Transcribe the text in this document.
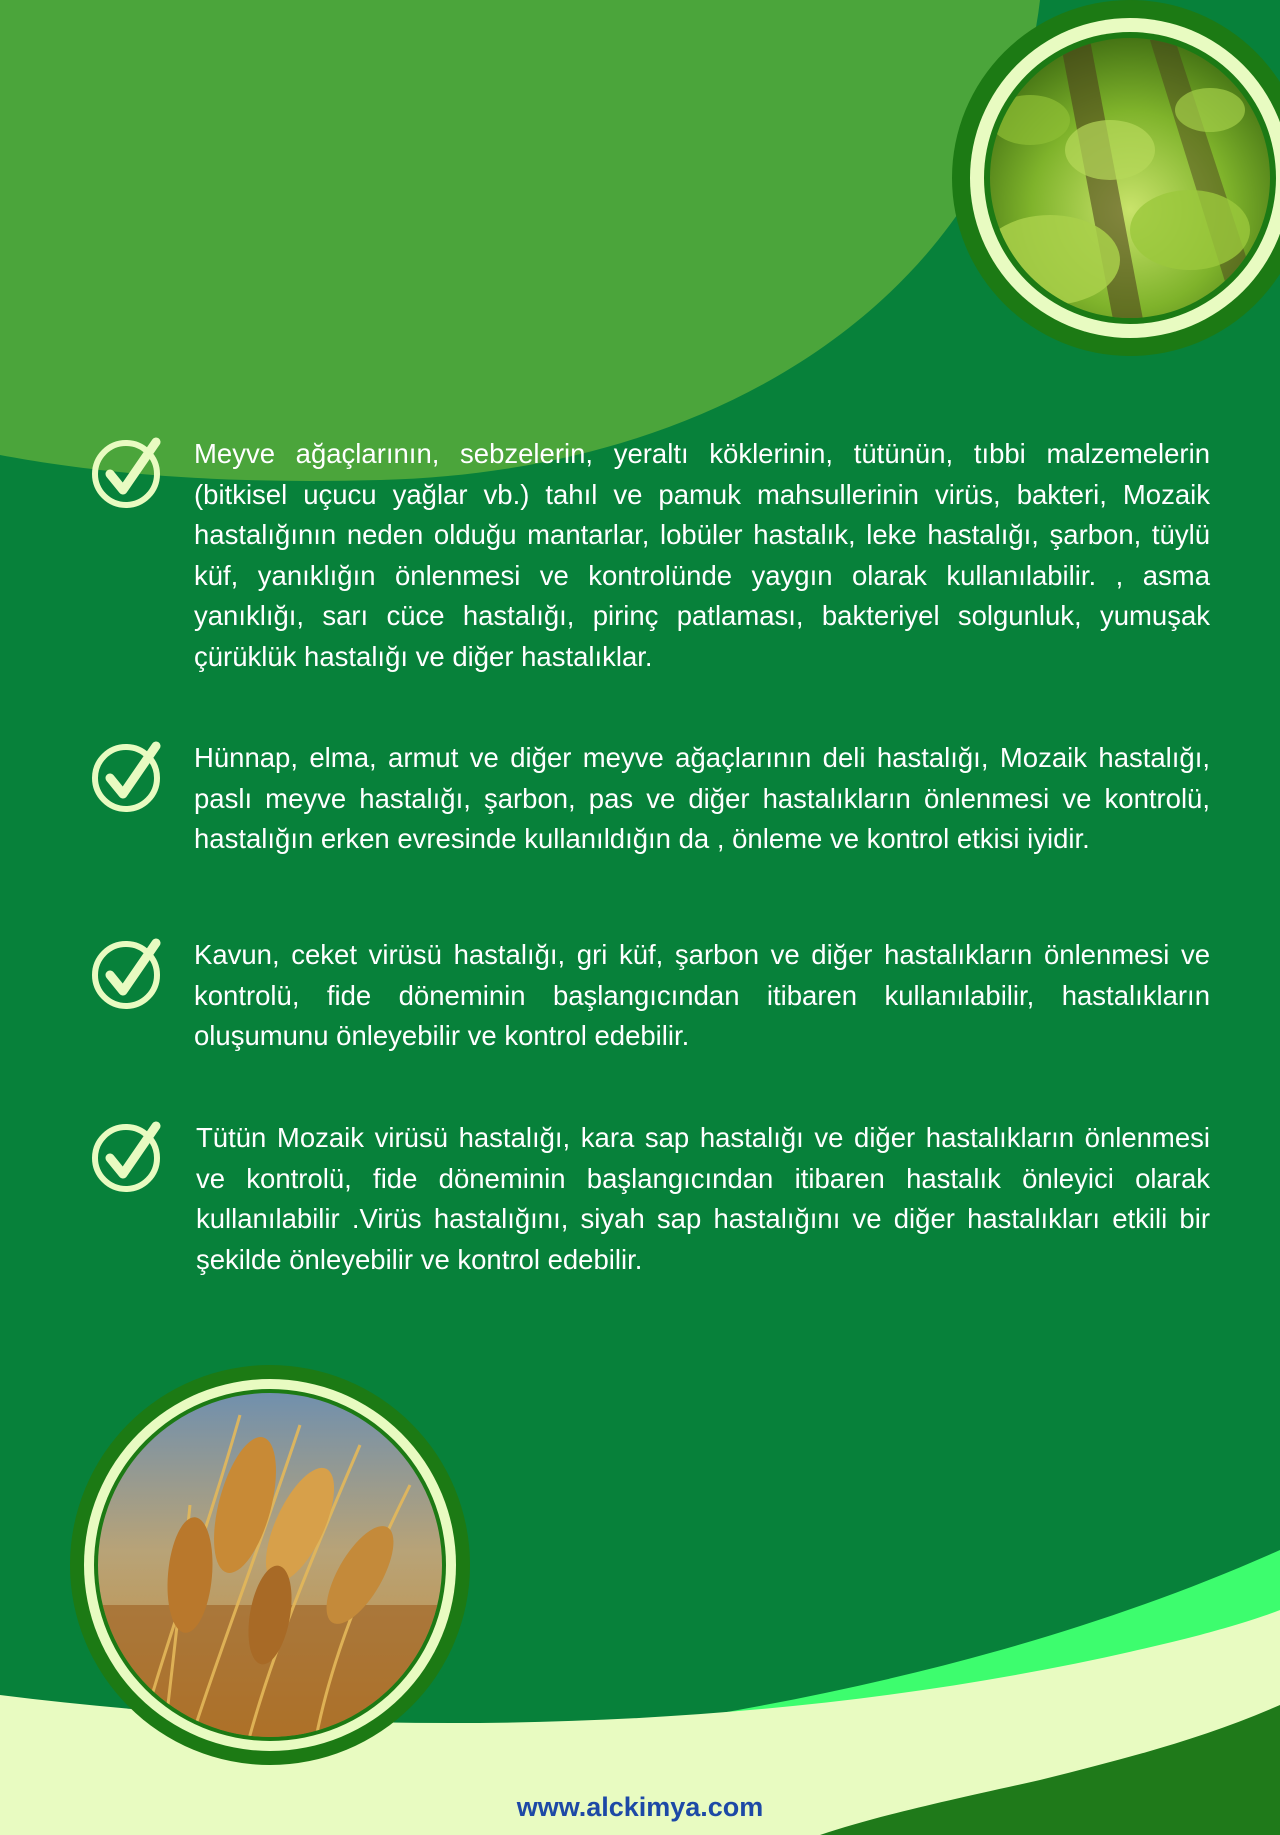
Meyve ağaçlarının, sebzelerin, yeraltı köklerinin, tütünün, tıbbi malzemelerin (bitkisel uçucu yağlar vb.) tahıl ve pamuk mahsullerinin virüs, bakteri, Mozaik hastalığının neden olduğu mantarlar, lobüler hastalık, leke hastalığı, şarbon, tüylü küf, yanıklığın önlenmesi ve kontrolünde yaygın olarak kullanılabilir. , asma yanıklığı, sarı cüce hastalığı, pirinç patlaması, bakteriyel solgunluk, yumuşak çürüklük hastalığı ve diğer hastalıklar.
Hünnap, elma, armut ve diğer meyve ağaçlarının deli hastalığı, Mozaik hastalığı, paslı meyve hastalığı, şarbon, pas ve diğer hastalıkların önlenmesi ve kontrolü, hastalığın erken evresinde kullanıldığın da , önleme ve kontrol etkisi iyidir.
Kavun, ceket virüsü hastalığı, gri küf, şarbon ve diğer hastalıkların önlenmesi ve kontrolü, fide döneminin başlangıcından itibaren kullanılabilir, hastalıkların oluşumunu önleyebilir ve kontrol edebilir.
Tütün Mozaik virüsü hastalığı, kara sap hastalığı ve diğer hastalıkların önlenmesi ve kontrolü, fide döneminin başlangıcından itibaren hastalık önleyici olarak kullanılabilir .Virüs hastalığını, siyah sap hastalığını ve diğer hastalıkları etkili bir şekilde önleyebilir ve kontrol edebilir.
www.alckimya.com
